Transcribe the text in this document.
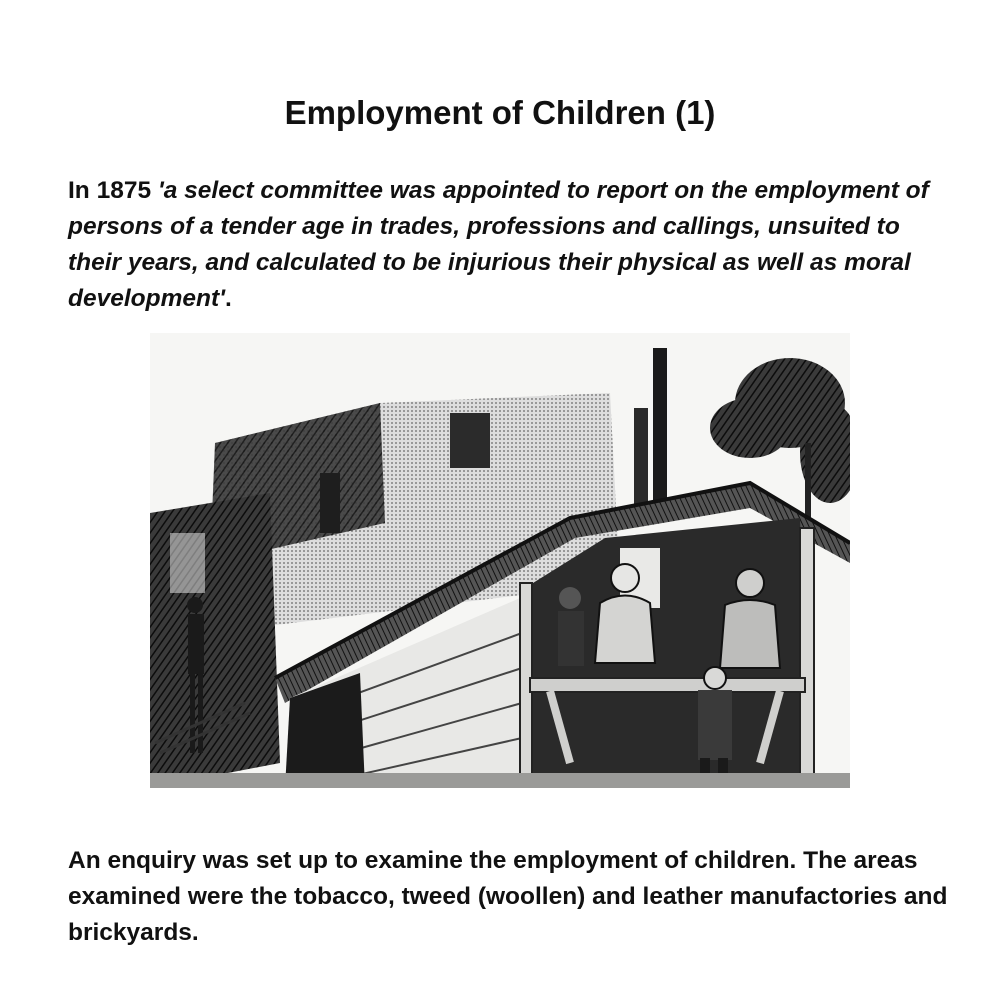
Employment of Children (1)

In 1875 'a select committee was appointed to report on the employment of persons of a tender age in trades, professions and callings, unsuited to their years, and calculated to be injurious their physical as well as moral development'.

An enquiry was set up to examine the employment of children. The areas examined were the tobacco, tweed (woollen) and leather manufactories and brickyards.
